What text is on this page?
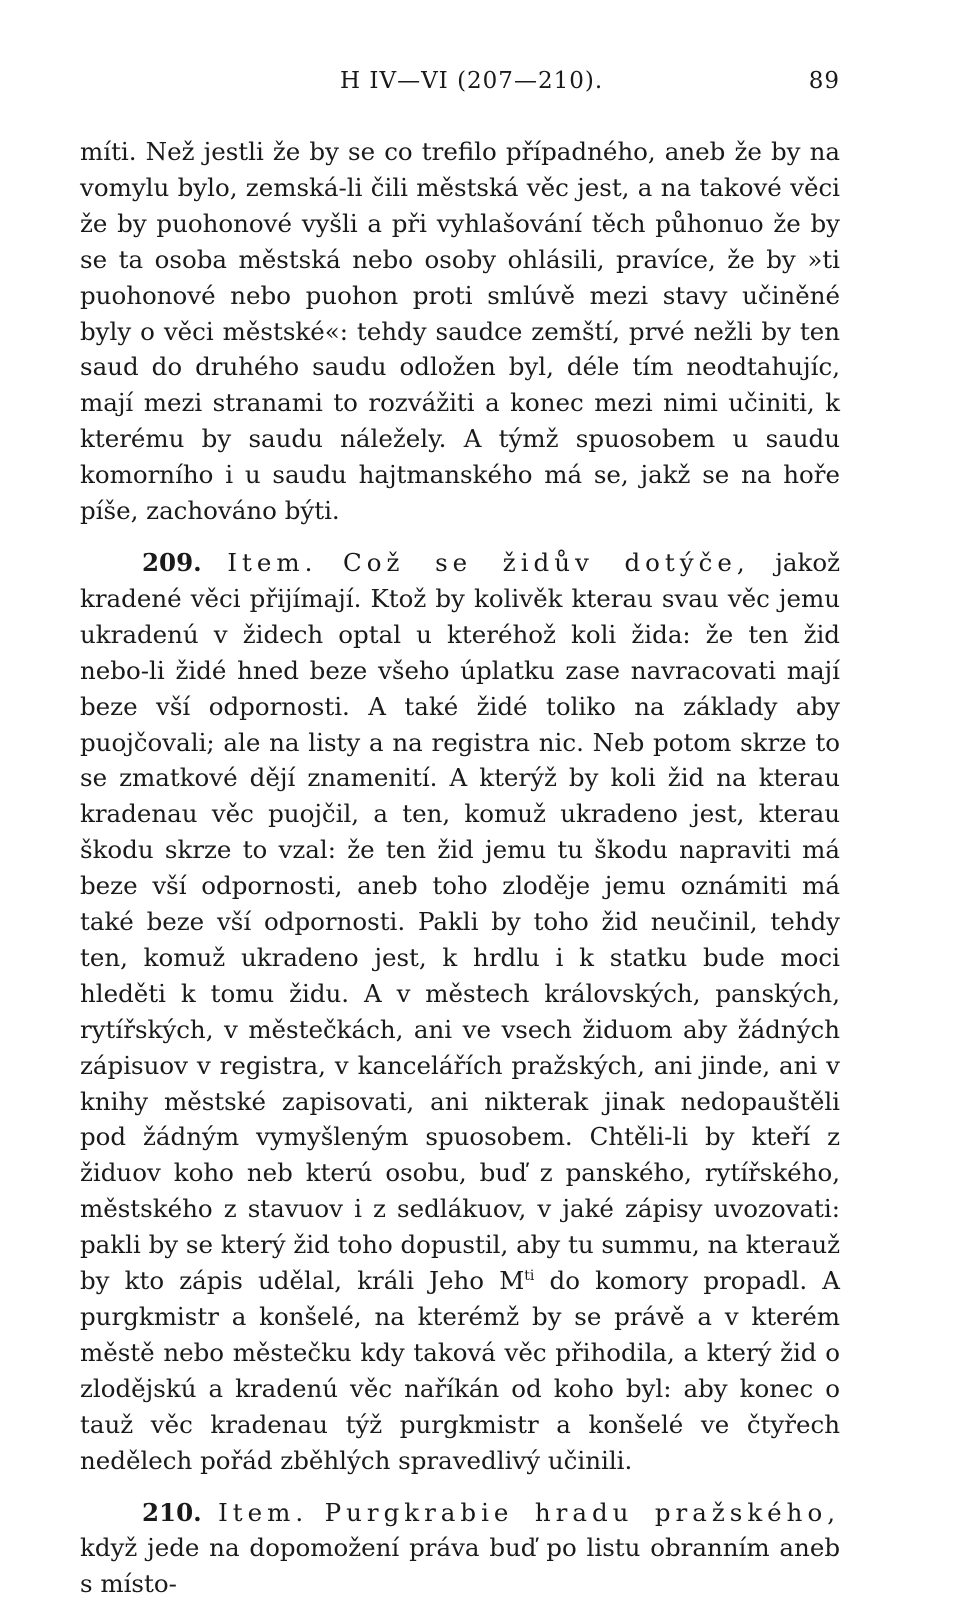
H IV—VI (207—210).	89

míti. Než jestli že by se co trefilo případného, aneb že by na vomylu bylo, zemská-li čili městská věc jest, a na takové věci že by puohonové vyšli a při vyhlašování těch půhonuo že by se ta osoba městská nebo osoby ohlásili, pravíce, že by »ti puohonové nebo puohon proti smlúvě mezi stavy učiněné byly o věci městské«: tehdy saudce zemští, prvé nežli by ten saud do druhého saudu odložen byl, déle tím neodtahujíc, mají mezi stranami to rozvážiti a konec mezi nimi učiniti, k kterému by saudu náležely. A týmž spuosobem u saudu komorního i u saudu hajtmanského má se, jakž se na hoře píše, zachováno býti.

209. Item. Což se židův dotýče, jakož kradené věci přijímají. Ktož by kolivěk kterau svau věc jemu ukradenú v židech optal u kteréhož koli žida: že ten žid nebo-li židé hned beze všeho úplatku zase navracovati mají beze vší odpornosti. A také židé toliko na základy aby puojčovali; ale na listy a na registra nic. Neb potom skrze to se zmatkové dějí znamenití. A kterýž by koli žid na kterau kradenau věc puojčil, a ten, komuž ukradeno jest, kterau škodu skrze to vzal: že ten žid jemu tu škodu napraviti má beze vší odpornosti, aneb toho zloděje jemu oznámiti má také beze vší odpornosti. Pakli by toho žid neučinil, tehdy ten, komuž ukradeno jest, k hrdlu i k statku bude moci hleděti k tomu židu. A v městech královských, panských, rytířských, v městečkách, ani ve vsech židuom aby žádných zápisuov v registra, v kancelářích pražských, ani jinde, ani v knihy městské zapisovati, ani nikterak jinak nedopauštěli pod žádným vymyšleným spuosobem. Chtěli-li by kteří z židuov koho neb kterú osobu, buď z panského, rytířského, městského z stavuov i z sedlákuov, v jaké zápisy uvozovati: pakli by se který žid toho dopustil, aby tu summu, na kterauž by kto zápis udělal, králi Jeho $M^{ti}$ do komory propadl. A purgkmistr a konšelé, na kterémž by se právě a v kterém městě nebo městečku kdy taková věc přihodila, a který žid o zlodějskú a kradenú věc naříkán od koho byl: aby konec o tauž věc kradenau týž purgkmistr a konšelé ve čtyřech nedělech pořád zběhlých spravedlivý učinili.

210. Item. Purgkrabie hradu pražského, když jede na dopomožení práva buď po listu obranním aneb s místo-
